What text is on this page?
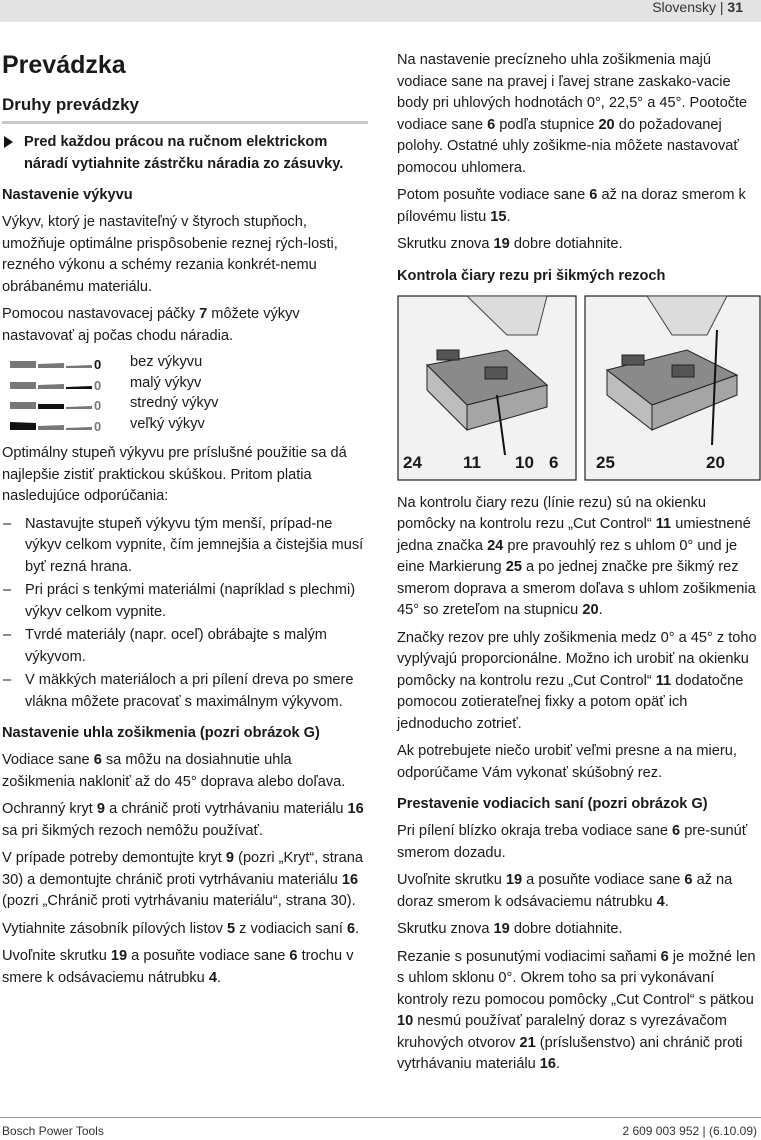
Slovensky | 31
Prevádzka
Druhy prevádzky
Pred každou prácou na ručnom elektrickom náradí vytiahnite zástrčku náradia zo zásuvky.
Nastavenie výkyvu

Výkyv, ktorý je nastaviteľný v štyroch stupňoch, umožňuje optimálne prispôsobenie reznej rých-losti, rezného výkonu a schémy rezania konkrét-nemu obrábanému materiálu.

Pomocou nastavovacej páčky 7 môžete výkyv nastavovať aj počas chodu náradia.

0 bez výkyvu
0 malý výkyv
0 stredný výkyv
0 veľký výkyv

Optimálny stupeň výkyvu pre príslušné použitie sa dá najlepšie zistiť praktickou skúškou. Pritom platia nasledujúce odporúčania:

– Nastavujte stupeň výkyvu tým menší, prípad-ne výkyv celkom vypnite, čím jemnejšia a čistejšia musí byť rezná hrana.
– Pri práci s tenkými materiálmi (napríklad s plechmi) výkyv celkom vypnite.
– Tvrdé materiály (napr. oceľ) obrábajte s malým výkyvom.
– V mäkkých materiáloch a pri pílení dreva po smere vlákna môžete pracovať s maximálnym výkyvom.
Nastavenie uhla zošikmenia (pozri obrázok G)

Vodiace sane 6 sa môžu na dosiahnutie uhla zošikmenia nakloniť až do 45° doprava alebo doľava.

Ochranný kryt 9 a chránič proti vytrhávaniu materiálu 16 sa pri šikmých rezoch nemôžu používať.

V prípade potreby demontujte kryt 9 (pozri „Kryt“, strana 30) a demontujte chránič proti vytrhávaniu materiálu 16 (pozri „Chránič proti vytrhávaniu materiálu“, strana 30).

Vytiahnite zásobník pílových listov 5 z vodiacich saní 6.

Uvoľnite skrutku 19 a posuňte vodiace sane 6 trochu v smere k odsávaciemu nátrubku 4.

Na nastavenie precízneho uhla zošikmenia majú vodiace sane na pravej i ľavej strane zaskako-vacie body pri uhlových hodnotách 0°, 22,5° a 45°. Pootočte vodiace sane 6 podľa stupnice 20 do požadovanej polohy. Ostatné uhly zošikme-nia môžete nastavovať pomocou uhlomera.

Potom posuňte vodiace sane 6 až na doraz smerom k pílovému listu 15.

Skrutku znova 19 dobre dotiahnite.

Kontrola čiary rezu pri šikmých rezoch
24 11 10 6 25	20

Na kontrolu čiary rezu (línie rezu) sú na okienku pomôcky na kontrolu rezu „Cut Control“ 11 umiestnené jedna značka 24 pre pravouhlý rez s uhlom 0° und je eine Markierung 25 a po jednej značke pre šikmý rez smerom doprava a smerom doľava s uhlom zošikmenia 45° so zreteľom na stupnicu 20.

Značky rezov pre uhly zošikmenia medz 0° a 45° z toho vyplývajú proporcionálne. Možno ich urobiť na okienku pomôcky na kontrolu rezu „Cut Control“ 11 dodatočne pomocou zotierateľnej fixky a potom opäť ich jednoducho zotrieť.

Ak potrebujete niečo urobiť veľmi presne a na mieru, odporúčame Vám vykonať skúšobný rez.

Prestavenie vodiacich saní (pozri obrázok G)

Pri pílení blízko okraja treba vodiace sane 6 pre-sunúť smerom dozadu.

Uvoľnite skrutku 19 a posuňte vodiace sane 6 až na doraz smerom k odsávaciemu nátrubku 4.

Skrutku znova 19 dobre dotiahnite.

Rezanie s posunutými vodiacimi saňami 6 je možné len s uhlom sklonu 0°. Okrem toho sa pri vykonávaní kontroly rezu pomocou pomôcky „Cut Control“ s pätkou 10 nesmú používať paralelný doraz s vyrezávačom kruhových otvorov 21 (príslušenstvo) ani chránič proti vytrhávaniu materiálu 16.

Bosch Power Tools	2 609 003 952 | (6.10.09)
